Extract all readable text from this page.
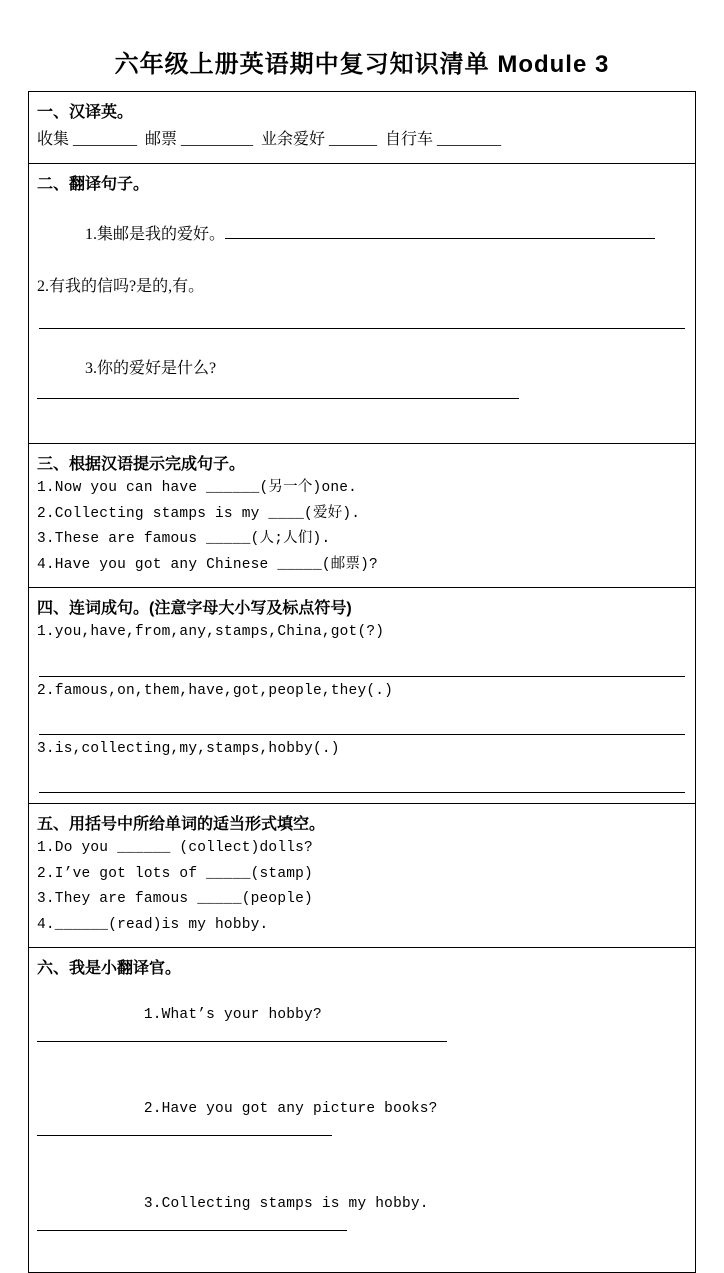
六年级上册英语期中复习知识清单 Module 3
一、汉译英。
收集 ________  邮票 _________  业余爱好 ______  自行车 ________

二、翻译句子。

1.集邮是我的爱好。

2.有我的信吗?是的,有。

3.你的爱好是什么?

三、根据汉语提示完成句子。
1.Now you can have ______(另一个)one.
2.Collecting stamps is my ____(爱好).
3.These are famous _____(人;人们).
4.Have you got any Chinese _____(邮票)?

四、连词成句。(注意字母大小写及标点符号)
1.you,have,from,any,stamps,China,got(?)
2.famous,on,them,have,got,people,they(.)
3.is,collecting,my,stamps,hobby(.)

五、用括号中所给单词的适当形式填空。
1.Do you ______ (collect)dolls?
2.I’ve got lots of _____(stamp)
3.They are famous _____(people)
4.______(read)is my hobby.

六、我是小翻译官。

1.What’s your hobby?

2.Have you got any picture books?

3.Collecting stamps is my hobby.
